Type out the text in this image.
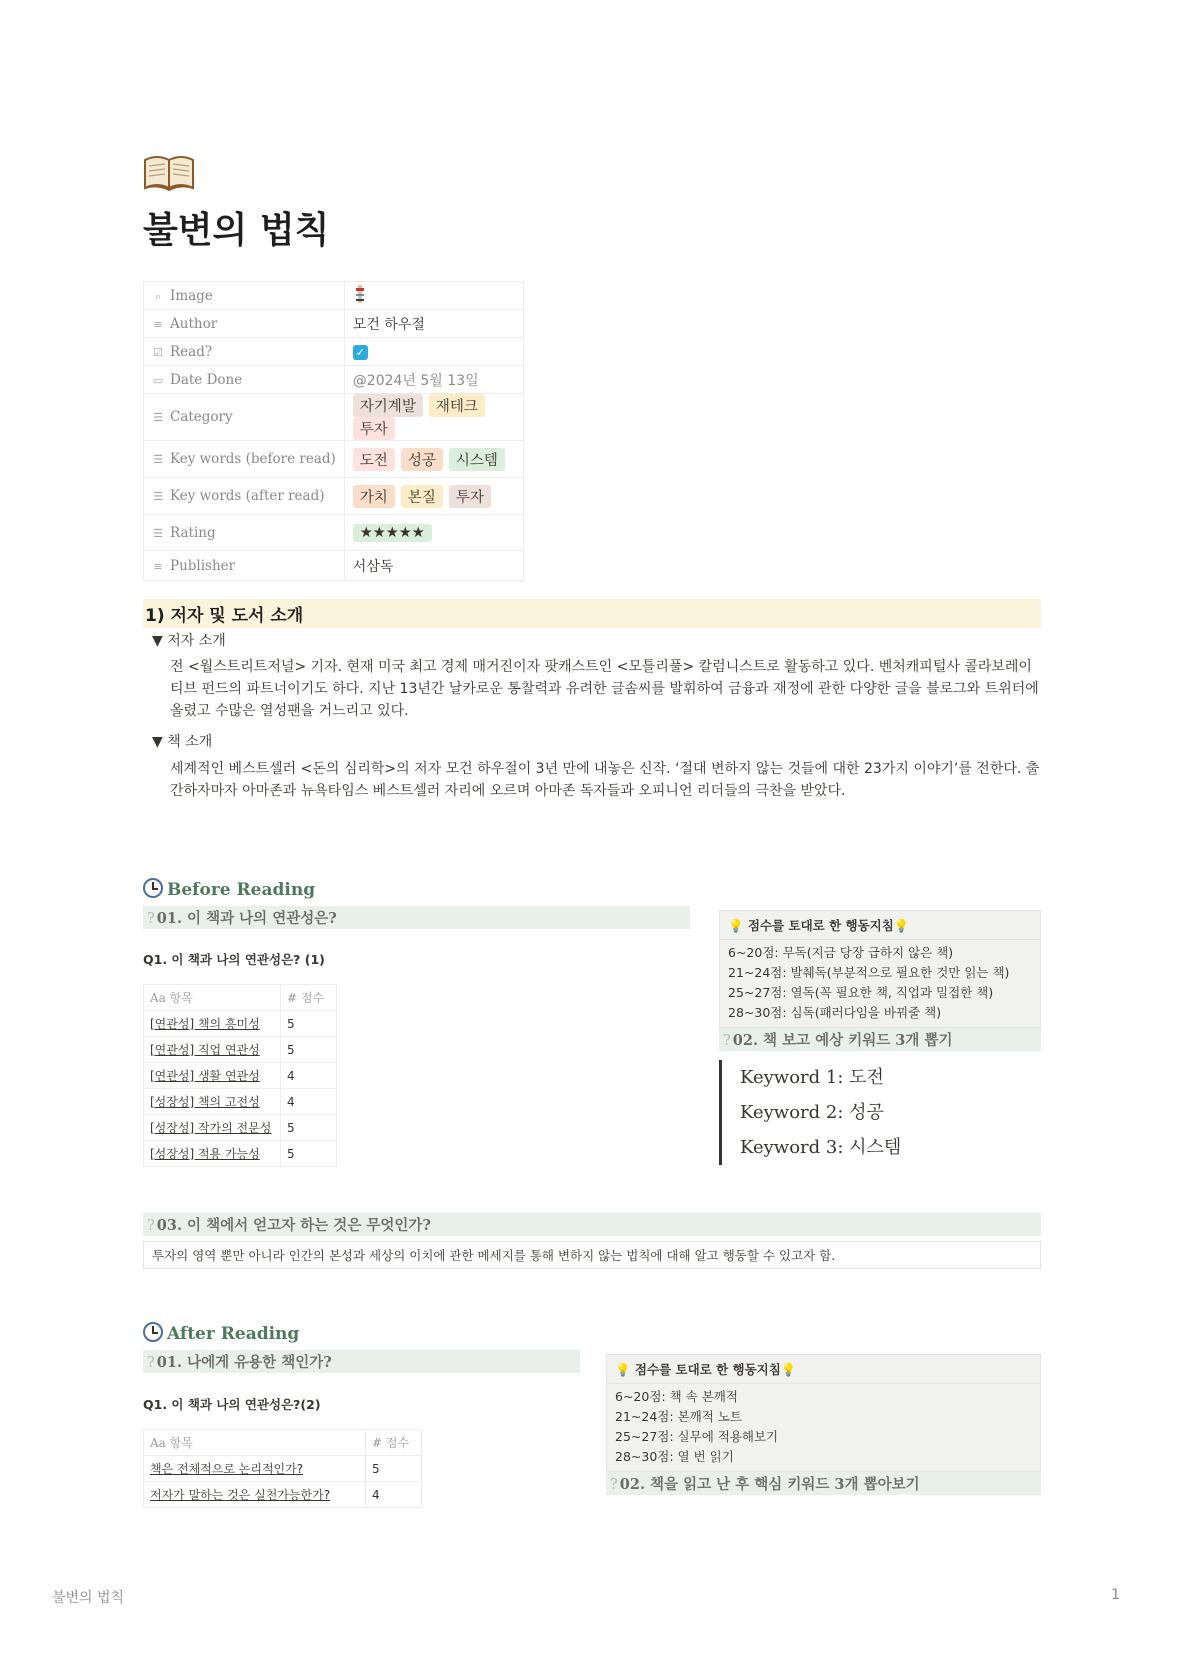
불변의 법칙
⌕ Image	
≡ Author	모건 하우절
☑ Read?	✓
▭ Date Done	@2024년 5월 13일
☰ Category	자기계발 재테크투자
☰ Key words (before read)	도전 성공 시스템
☰ Key words (after read)	가치 본질 투자
☰ Rating	★★★★★
≡ Publisher	서삼독
1) 저자 및 도서 소개
▼ 저자 소개
전 <월스트리트저널> 기자. 현재 미국 최고 경제 매거진이자 팟캐스트인 <모틀리풀> 칼럼니스트로 활동하고 있다. 벤처캐피털사 콜라보레이티브 펀드의 파트너이기도 하다. 지난 13년간 날카로운 통찰력과 유려한 글솜씨를 발휘하여 금융과 재정에 관한 다양한 글을 블로그와 트위터에 올렸고 수많은 열성팬을 거느리고 있다.
▼ 책 소개
세계적인 베스트셀러 <돈의 심리학>의 저자 모건 하우절이 3년 만에 내놓은 신작. ‘절대 변하지 않는 것들에 대한 23가지 이야기’를 전한다. 출간하자마자 아마존과 뉴욕타임스 베스트셀러 자리에 오르며 아마존 독자들과 오피니언 리더들의 극찬을 받았다.
Before Reading
? 01. 이 책과 나의 연관성은?
Q1. 이 책과 나의 연관성은? (1)
Aa 항목	# 점수
[연관성] 책의 흥미성	5
[연관성] 직업 연관성	5
[연관성] 생활 연관성	4
[성장성] 책의 고전성	4
[성장성] 작가의 전문성	5
[성장성] 적용 가능성	5
💡 점수를 토대로 한 행동지침💡
6~20점: 무독(지금 당장 급하지 않은 책)
21~24점: 발췌독(부분적으로 필요한 것만 읽는 책)
25~27점: 열독(꼭 필요한 책, 직업과 밀접한 책)
28~30점: 심독(패러다임을 바꿔줄 책)
? 02. 책 보고 예상 키워드 3개 뽑기
Keyword 1: 도전
Keyword 2: 성공
Keyword 3: 시스템
? 03. 이 책에서 얻고자 하는 것은 무엇인가?
투자의 영역 뿐만 아니라 인간의 본성과 세상의 이치에 관한 메세지를 통해 변하지 않는 법칙에 대해 알고 행동할 수 있고자 함.
After Reading
? 01. 나에게 유용한 책인가?
Q1. 이 책과 나의 연관성은?(2)
Aa 항목	# 점수
책은 전체적으로 논리적인가?	5
저자가 말하는 것은 실천가능한가?	4
💡 점수를 토대로 한 행동지침💡
6~20점: 책 속 본깨적
21~24점: 본깨적 노트
25~27점: 실무에 적용해보기
28~30점: 열 번 읽기
? 02. 책을 읽고 난 후 핵심 키워드 3개 뽑아보기
불변의 법칙	1
